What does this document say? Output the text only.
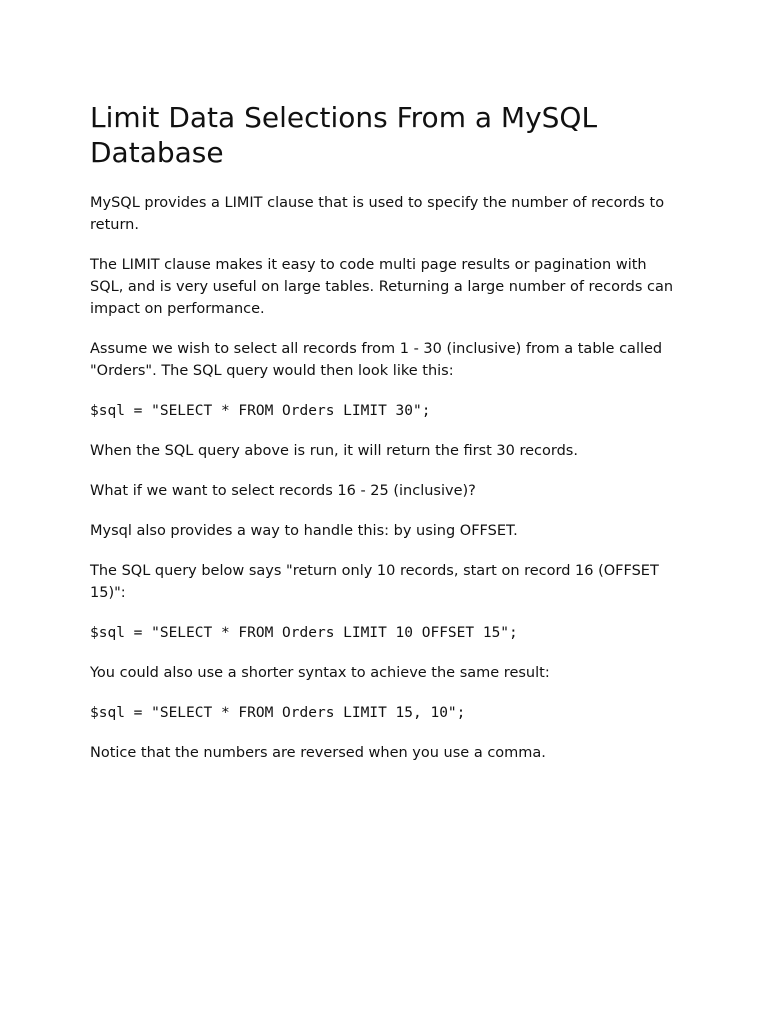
Limit Data Selections From a MySQL Database

MySQL provides a LIMIT clause that is used to specify the number of records to return.

The LIMIT clause makes it easy to code multi page results or pagination with SQL, and is very useful on large tables. Returning a large number of records can impact on performance.

Assume we wish to select all records from 1 - 30 (inclusive) from a table called "Orders". The SQL query would then look like this:

$sql = "SELECT * FROM Orders LIMIT 30";

When the SQL query above is run, it will return the first 30 records.

What if we want to select records 16 - 25 (inclusive)?

Mysql also provides a way to handle this: by using OFFSET.

The SQL query below says "return only 10 records, start on record 16 (OFFSET 15)":

$sql = "SELECT * FROM Orders LIMIT 10 OFFSET 15";

You could also use a shorter syntax to achieve the same result:

$sql = "SELECT * FROM Orders LIMIT 15, 10";

Notice that the numbers are reversed when you use a comma.
